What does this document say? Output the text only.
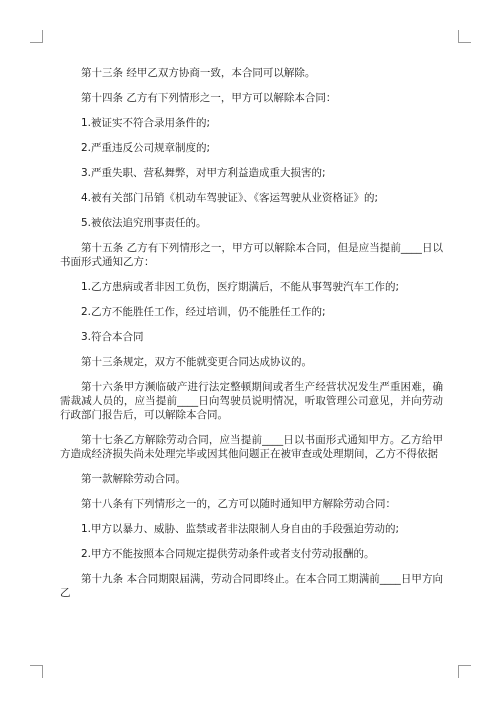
第十三条 经甲乙双方协商一致，本合同可以解除。

第十四条 乙方有下列情形之一，甲方可以解除本合同：

1.被证实不符合录用条件的;

2.严重违反公司规章制度的;

3.严重失职、营私舞弊，对甲方利益造成重大损害的;

4.被有关部门吊销《机动车驾驶证》、《客运驾驶从业资格证》的;

5.被依法追究刑事责任的。

第十五条 乙方有下列情形之一，甲方可以解除本合同，但是应当提前____日以书面形式通知乙方：

1.乙方患病或者非因工负伤，医疗期满后，不能从事驾驶汽车工作的;

2.乙方不能胜任工作，经过培训，仍不能胜任工作的;

3.符合本合同

第十三条规定，双方不能就变更合同达成协议的。

第十六条甲方濒临破产进行法定整顿期间或者生产经营状况发生严重困难，确需裁减人员的，应当提前____日向驾驶员说明情况，听取管理公司意见，并向劳动行政部门报告后，可以解除本合同。

第十七条乙方解除劳动合同，应当提前____日以书面形式通知甲方。乙方给甲方造成经济损失尚未处理完毕或因其他问题正在被审查或处理期间，乙方不得依据

第一款解除劳动合同。

第十八条有下列情形之一的，乙方可以随时通知甲方解除劳动合同：

1.甲方以暴力、威胁、监禁或者非法限制人身自由的手段强迫劳动的;

2.甲方不能按照本合同规定提供劳动条件或者支付劳动报酬的。

第十九条 本合同期限届满，劳动合同即终止。在本合同工期满前____日甲方向乙
